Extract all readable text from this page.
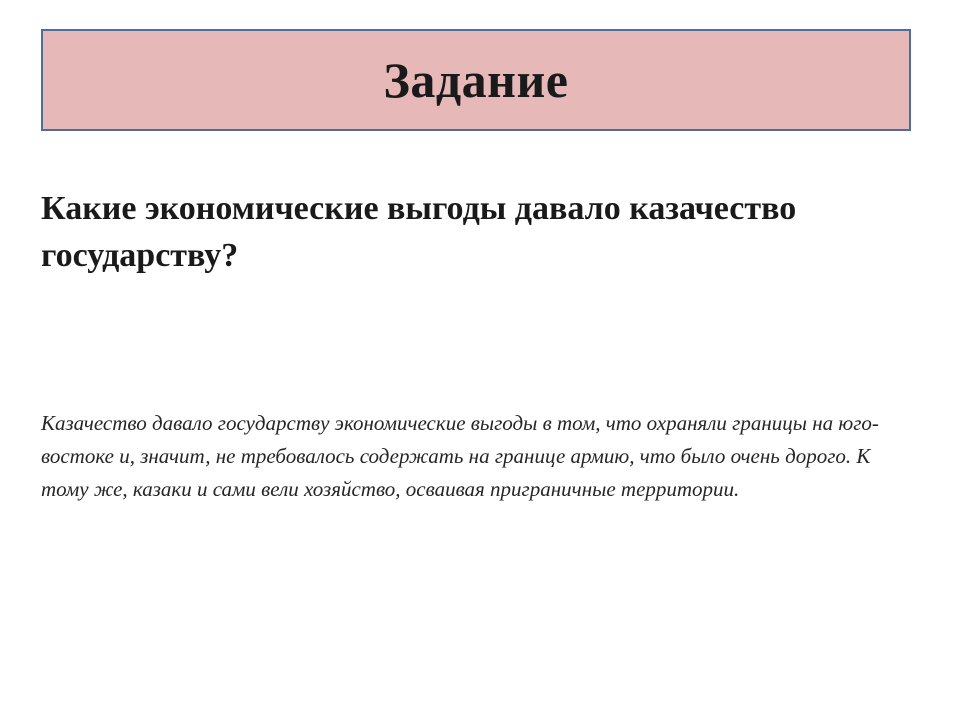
Задание
Какие экономические выгоды давало казачество государству?
Казачество давало государству экономические выгоды в том, что охраняли границы на юго-востоке и, значит, не требовалось содержать на границе армию, что было очень дорого. К тому же, казаки и сами вели хозяйство, осваивая приграничные территории.
